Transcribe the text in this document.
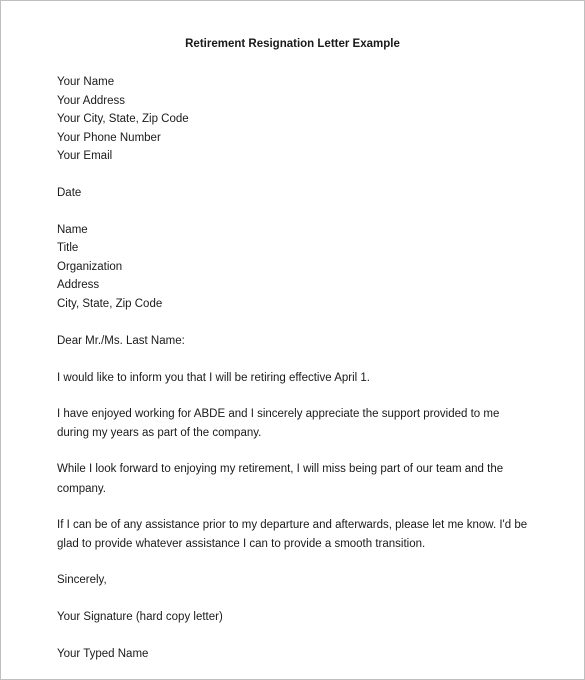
Retirement Resignation Letter Example
Your Name
Your Address
Your City, State, Zip Code
Your Phone Number
Your Email
Date
Name
Title
Organization
Address
City, State, Zip Code
Dear Mr./Ms. Last Name:

I would like to inform you that I will be retiring effective April 1.

I have enjoyed working for ABDE and I sincerely appreciate the support provided to me during my years as part of the company.

While I look forward to enjoying my retirement, I will miss being part of our team and the company.

If I can be of any assistance prior to my departure and afterwards, please let me know. I'd be glad to provide whatever assistance I can to provide a smooth transition.

Sincerely,
Your Signature (hard copy letter)
Your Typed Name
